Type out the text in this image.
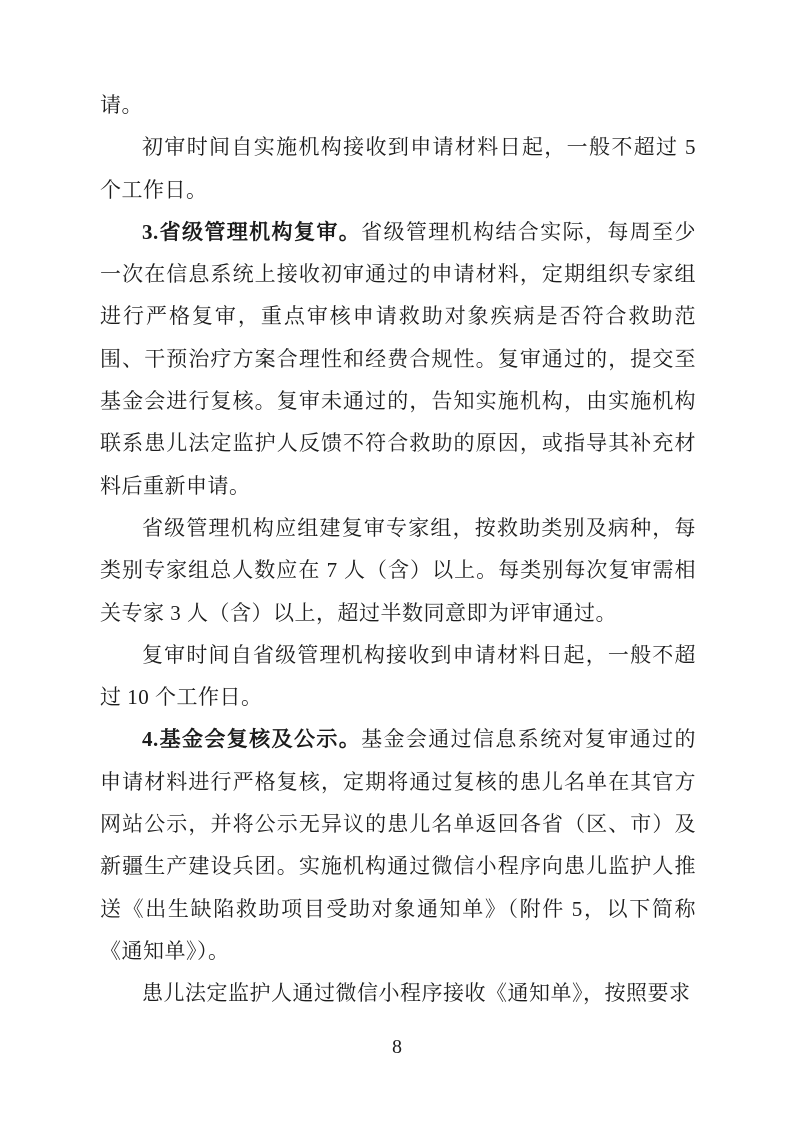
请。

初审时间自实施机构接收到申请材料日起，一般不超过 5 个工作日。

3.省级管理机构复审。省级管理机构结合实际，每周至少一次在信息系统上接收初审通过的申请材料，定期组织专家组进行严格复审，重点审核申请救助对象疾病是否符合救助范围、干预治疗方案合理性和经费合规性。复审通过的，提交至基金会进行复核。复审未通过的，告知实施机构，由实施机构联系患儿法定监护人反馈不符合救助的原因，或指导其补充材料后重新申请。

省级管理机构应组建复审专家组，按救助类别及病种，每类别专家组总人数应在 7 人（含）以上。每类别每次复审需相关专家 3 人（含）以上，超过半数同意即为评审通过。

复审时间自省级管理机构接收到申请材料日起，一般不超过 10 个工作日。

4.基金会复核及公示。基金会通过信息系统对复审通过的申请材料进行严格复核，定期将通过复核的患儿名单在其官方网站公示，并将公示无异议的患儿名单返回各省（区、市）及新疆生产建设兵团。实施机构通过微信小程序向患儿监护人推送《出生缺陷救助项目受助对象通知单》（附件 5，以下简称《通知单》）。

患儿法定监护人通过微信小程序接收《通知单》，按照要求

8
